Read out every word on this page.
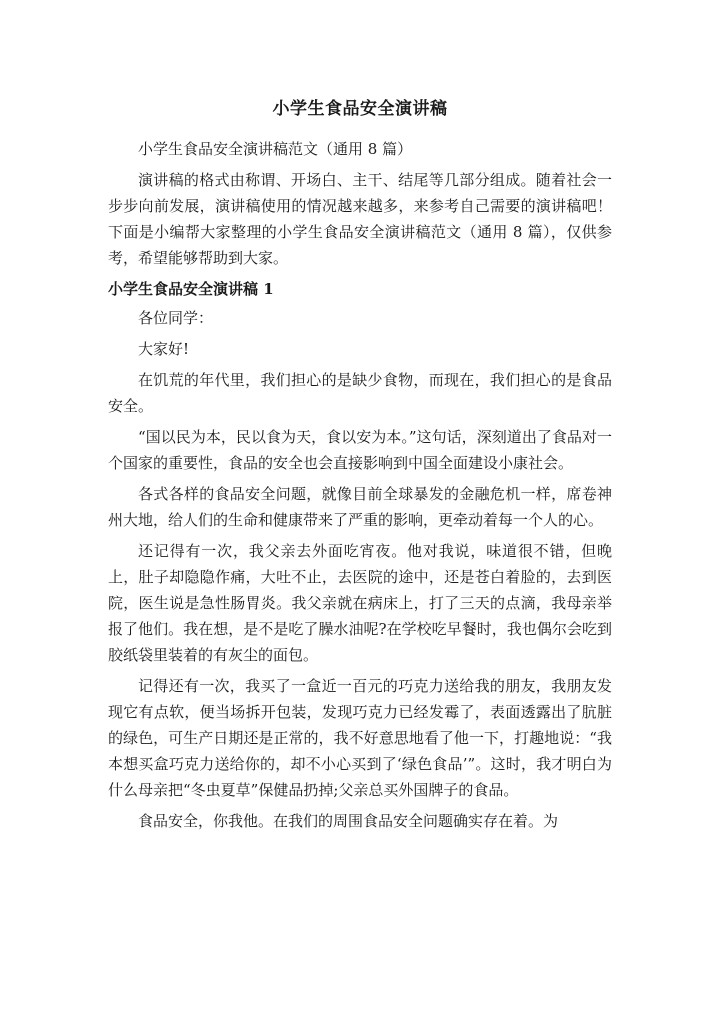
小学生食品安全演讲稿

小学生食品安全演讲稿范文（通用 8 篇）

演讲稿的格式由称谓、开场白、主干、结尾等几部分组成。随着社会一步步向前发展，演讲稿使用的情况越来越多，来参考自己需要的演讲稿吧！下面是小编帮大家整理的小学生食品安全演讲稿范文（通用 8 篇），仅供参考，希望能够帮助到大家。

小学生食品安全演讲稿 1

各位同学：

大家好!

在饥荒的年代里，我们担心的是缺少食物，而现在，我们担心的是食品安全。

“国以民为本，民以食为天，食以安为本。”这句话，深刻道出了食品对一个国家的重要性，食品的安全也会直接影响到中国全面建设小康社会。

各式各样的食品安全问题，就像目前全球暴发的金融危机一样，席卷神州大地，给人们的生命和健康带来了严重的影响，更牵动着每一个人的心。

还记得有一次，我父亲去外面吃宵夜。他对我说，味道很不错，但晚上，肚子却隐隐作痛，大吐不止，去医院的途中，还是苍白着脸的，去到医院，医生说是急性肠胃炎。我父亲就在病床上，打了三天的点滴，我母亲举报了他们。我在想，是不是吃了臊水油呢?在学校吃早餐时，我也偶尔会吃到胶纸袋里装着的有灰尘的面包。

记得还有一次，我买了一盒近一百元的巧克力送给我的朋友，我朋友发现它有点软，便当场拆开包装，发现巧克力已经发霉了，表面透露出了肮脏的绿色，可生产日期还是正常的，我不好意思地看了他一下，打趣地说：“我本想买盒巧克力送给你的，却不小心买到了‘绿色食品’”。这时，我才明白为什么母亲把“冬虫夏草”保健品扔掉;父亲总买外国牌子的食品。

食品安全，你我他。在我们的周围食品安全问题确实存在着。为
